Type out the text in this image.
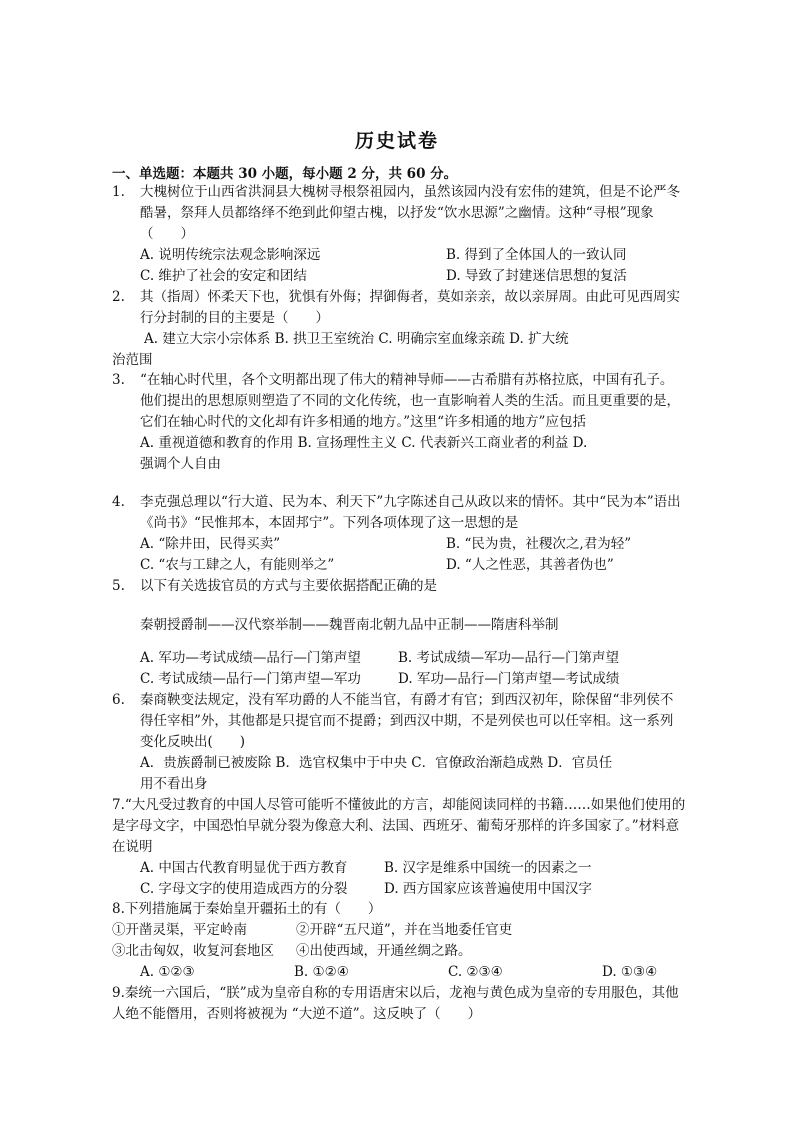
历史试卷
一、单选题：本题共 30 小题，每小题 2 分，共 60 分。
1. 大槐树位于山西省洪洞县大槐树寻根祭祖园内，虽然该园内没有宏伟的建筑，但是不论严冬酷暑，祭拜人员都络绎不绝到此仰望古槐，以抒发“饮水思源”之幽情。这种“寻根”现象（　　）
A. 说明传统宗法观念影响深远	B. 得到了全体国人的一致认同
C. 维护了社会的安定和团结	D. 导致了封建迷信思想的复活
2. 其（指周）怀柔天下也，犹惧有外侮；捍御侮者，莫如亲亲，故以亲屏周。由此可见西周实行分封制的目的主要是（　　）
A. 建立大宗小宗体系 B. 拱卫王室统治 C. 明确宗室血缘亲疏 D. 扩大统
治范围
3. “在轴心时代里，各个文明都出现了伟大的精神导师——古希腊有苏格拉底，中国有孔子。他们提出的思想原则塑造了不同的文化传统，也一直影响着人类的生活。而且更重要的是，它们在轴心时代的文化却有许多相通的地方。”这里“许多相通的地方”应包括
A. 重视道德和教育的作用 B. 宣扬理性主义 C. 代表新兴工商业者的利益 D.
强调个人自由
4. 李克强总理以“行大道、民为本、利天下”九字陈述自己从政以来的情怀。其中“民为本”语出《尚书》“民惟邦本，本固邦宁”。下列各项体现了这一思想的是
A. “除井田，民得买卖”	B. “民为贵，社稷次之,君为轻”
C. “农与工肆之人，有能则举之”	D. “人之性恶，其善者伪也”
5. 以下有关选拔官员的方式与主要依据搭配正确的是
秦朝授爵制——汉代察举制——魏晋南北朝九品中正制——隋唐科举制
A. 军功—考试成绩—品行—门第声望	B. 考试成绩—军功—品行—门第声望
C. 考试成绩—品行—门第声望—军功	D. 军功—品行—门第声望—考试成绩
6. 秦商鞅变法规定，没有军功爵的人不能当官，有爵才有官；到西汉初年，除保留“非列侯不得任宰相”外，其他都是只提官而不提爵；到西汉中期，不是列侯也可以任宰相。这一系列变化反映出(　　)
A．贵族爵制已被废除 B．选官权集中于中央 C．官僚政治渐趋成熟 D．官员任
用不看出身
7.“大凡受过教育的中国人尽管可能听不懂彼此的方言，却能阅读同样的书籍……如果他们使用的是字母文字，中国恐怕早就分裂为像意大利、法国、西班牙、葡萄牙那样的许多国家了。”材料意在说明
A. 中国古代教育明显优于西方教育	B. 汉字是维系中国统一的因素之一
C. 字母文字的使用造成西方的分裂	D. 西方国家应该普遍使用中国汉字
8.下列措施属于秦始皇开疆拓土的有（　　）
①开凿灵渠，平定岭南	②开辟“五尺道”，并在当地委任官吏
③北击匈奴，收复河套地区	④出使西域，开通丝绸之路。
A. ①②③	B. ①②④	C. ②③④	D. ①③④
9.秦统一六国后，“朕”成为皇帝自称的专用语唐宋以后，龙袍与黄色成为皇帝的专用服色，其他人绝不能僭用，否则将被视为 “大逆不道”。这反映了（　　）
